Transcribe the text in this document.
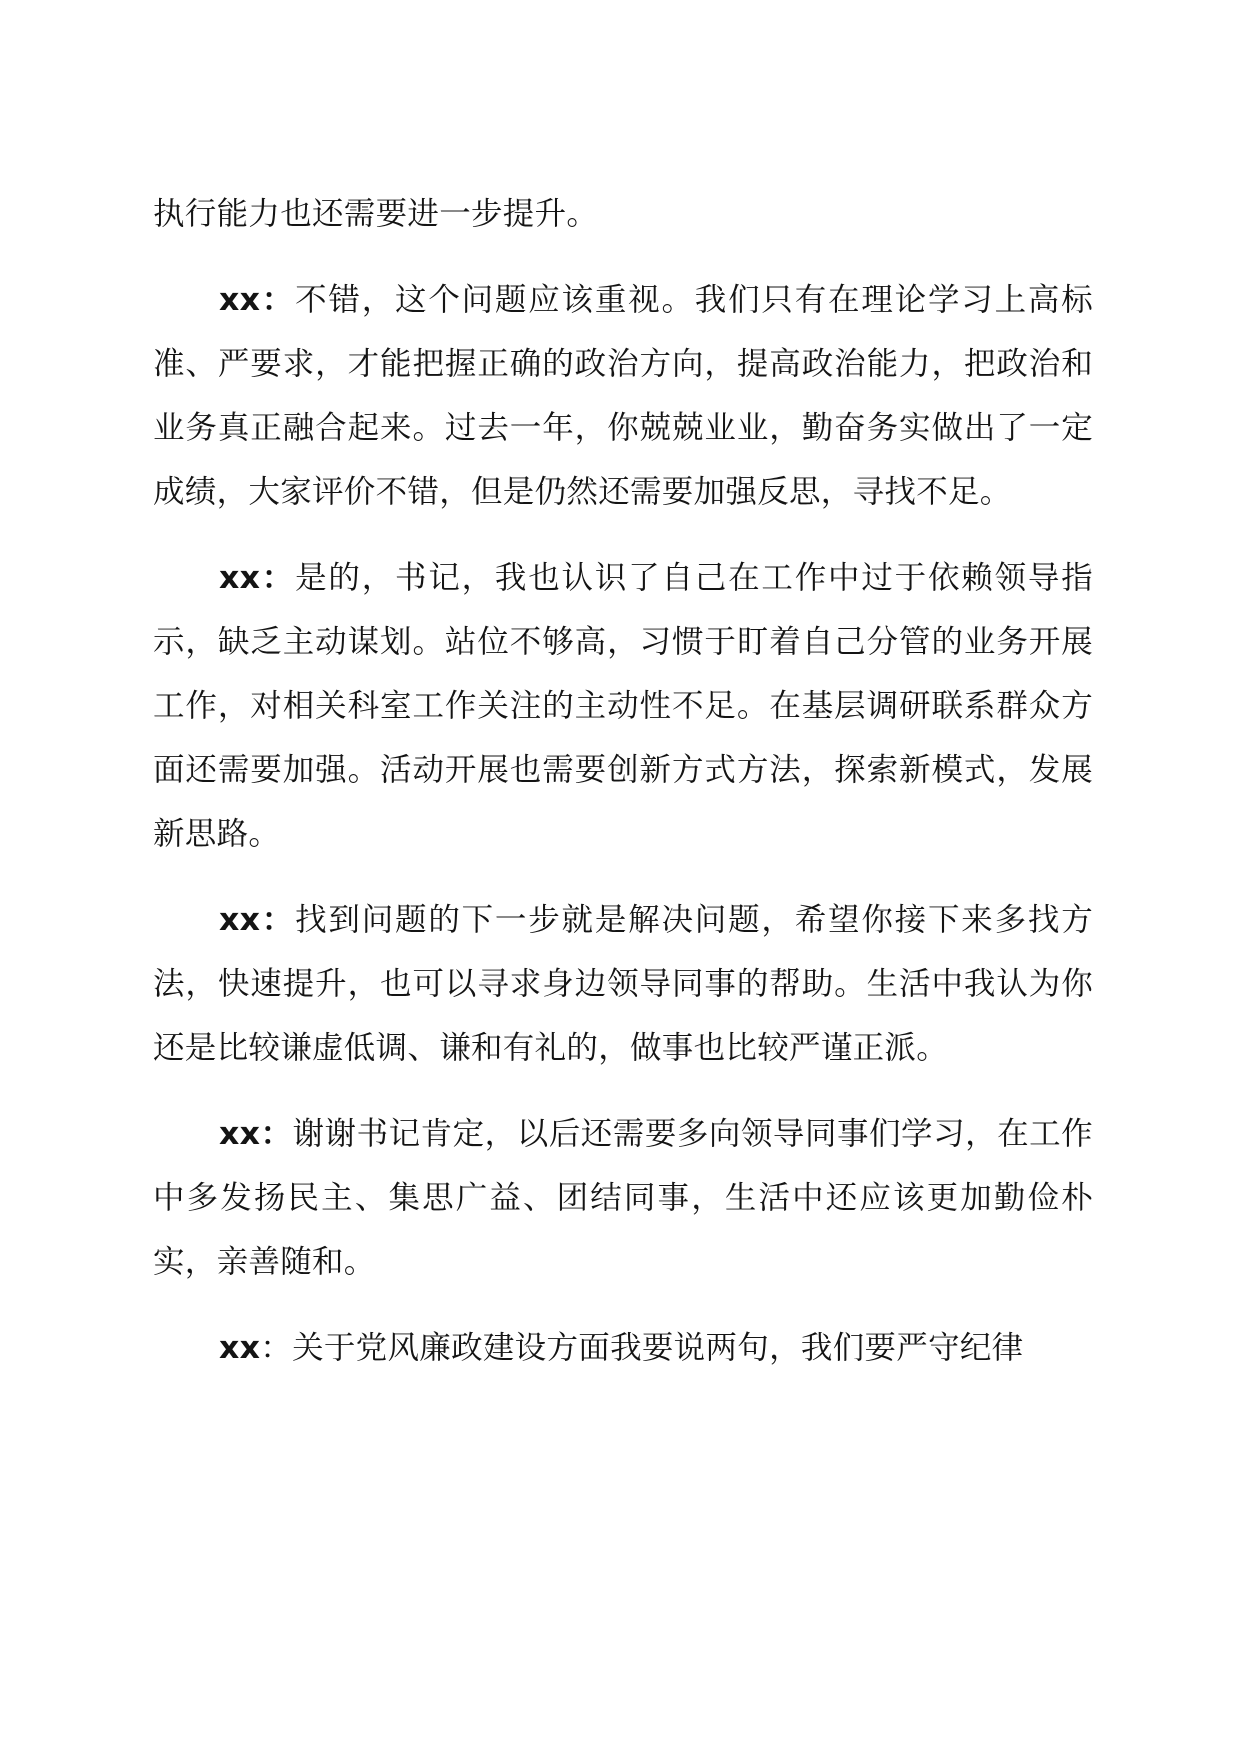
执行能力也还需要进一步提升。

xx：不错，这个问题应该重视。我们只有在理论学习上高标准、严要求，才能把握正确的政治方向，提高政治能力，把政治和业务真正融合起来。过去一年，你兢兢业业，勤奋务实做出了一定成绩，大家评价不错，但是仍然还需要加强反思，寻找不足。

xx：是的，书记，我也认识了自己在工作中过于依赖领导指示，缺乏主动谋划。站位不够高，习惯于盯着自己分管的业务开展工作，对相关科室工作关注的主动性不足。在基层调研联系群众方面还需要加强。活动开展也需要创新方式方法，探索新模式，发展新思路。

xx：找到问题的下一步就是解决问题，希望你接下来多找方法，快速提升，也可以寻求身边领导同事的帮助。生活中我认为你还是比较谦虚低调、谦和有礼的，做事也比较严谨正派。

xx：谢谢书记肯定，以后还需要多向领导同事们学习，在工作中多发扬民主、集思广益、团结同事，生活中还应该更加勤俭朴实，亲善随和。

xx：关于党风廉政建设方面我要说两句，我们要严守纪律
